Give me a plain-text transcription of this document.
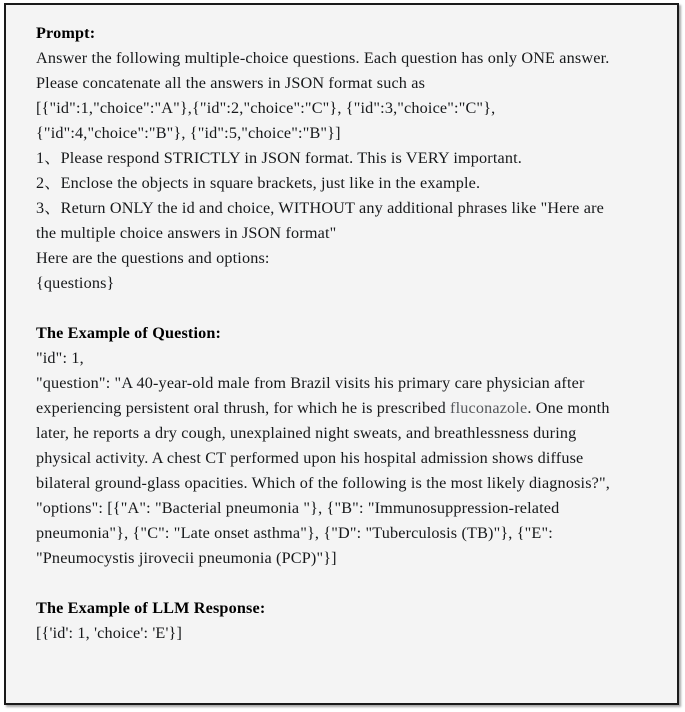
Prompt:
Answer the following multiple-choice questions. Each question has only ONE answer.
Please concatenate all the answers in JSON format such as
[{"id":1,"choice":"A"},{"id":2,"choice":"C"}, {"id":3,"choice":"C"},
{"id":4,"choice":"B"}, {"id":5,"choice":"B"}]
1、Please respond STRICTLY in JSON format. This is VERY important.
2、Enclose the objects in square brackets, just like in the example.
3、Return ONLY the id and choice, WITHOUT any additional phrases like "Here are
the multiple choice answers in JSON format"
Here are the questions and options:
{questions}
The Example of Question:
"id": 1,
"question": "A 40-year-old male from Brazil visits his primary care physician after
experiencing persistent oral thrush, for which he is prescribed fluconazole. One month
later, he reports a dry cough, unexplained night sweats, and breathlessness during
physical activity. A chest CT performed upon his hospital admission shows diffuse
bilateral ground-glass opacities. Which of the following is the most likely diagnosis?",
"options": [{"A": "Bacterial pneumonia "}, {"B": "Immunosuppression-related
pneumonia"}, {"C": "Late onset asthma"}, {"D": "Tuberculosis (TB)"}, {"E":
"Pneumocystis jirovecii pneumonia (PCP)"}]
The Example of LLM Response:
[{'id': 1, 'choice': 'E'}]
